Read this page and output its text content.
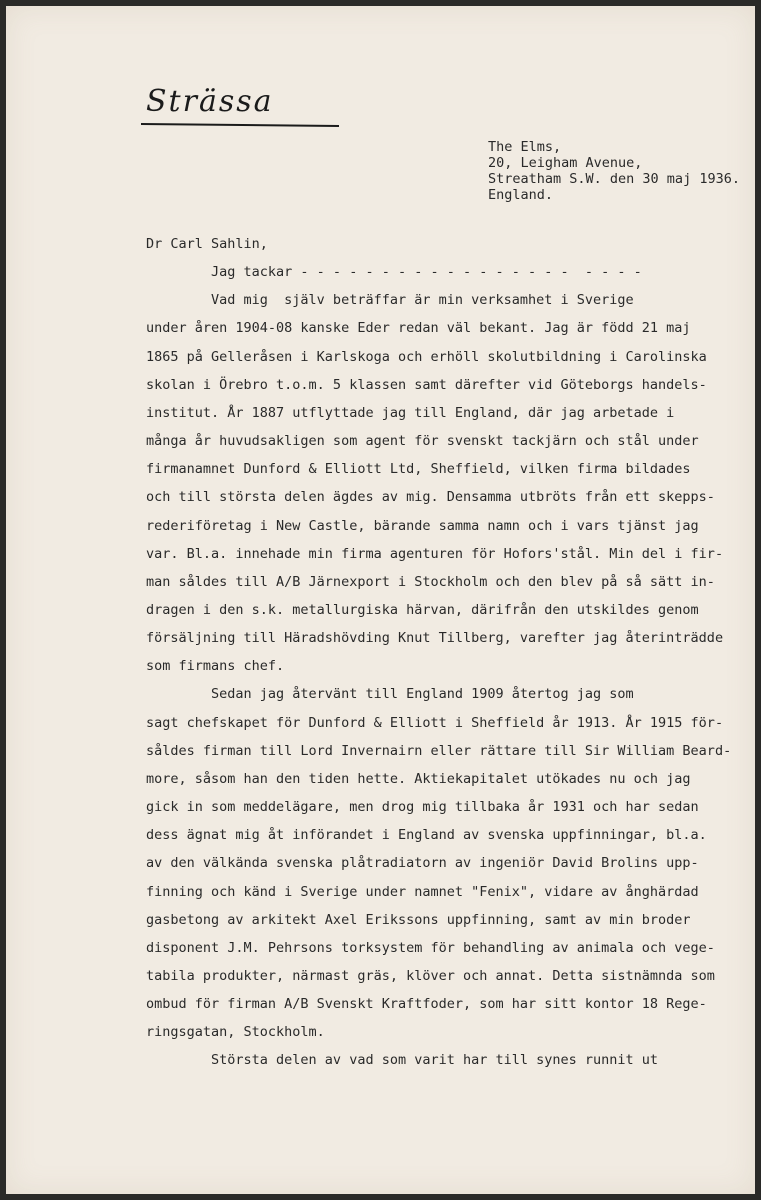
Strässa
The Elms,
20, Leigham Avenue,
Streatham S.W. den 30 maj 1936.
England.
Dr Carl Sahlin,
Jag tackar - - - - - - - - - - - - - - - - -  - - - -
Vad mig  själv beträffar är min verksamhet i Sverige
under åren 1904-08 kanske Eder redan väl bekant. Jag är född 21 maj
1865 på Gelleråsen i Karlskoga och erhöll skolutbildning i Carolinska
skolan i Örebro t.o.m. 5 klassen samt därefter vid Göteborgs handels-
institut. År 1887 utflyttade jag till England, där jag arbetade i
många år huvudsakligen som agent för svenskt tackjärn och stål under
firmanamnet Dunford & Elliott Ltd, Sheffield, vilken firma bildades
och till största delen ägdes av mig. Densamma utbröts från ett skepps-
rederiföretag i New Castle, bärande samma namn och i vars tjänst jag
var. Bl.a. innehade min firma agenturen för Hofors'stål. Min del i fir-
man såldes till A/B Järnexport i Stockholm och den blev på så sätt in-
dragen i den s.k. metallurgiska härvan, därifrån den utskildes genom
försäljning till Häradshövding Knut Tillberg, varefter jag återinträdde
som firmans chef.
Sedan jag återvänt till England 1909 återtog jag som
sagt chefskapet för Dunford & Elliott i Sheffield år 1913. År 1915 för-
såldes firman till Lord Invernairn eller rättare till Sir William Beard-
more, såsom han den tiden hette. Aktiekapitalet utökades nu och jag
gick in som meddelägare, men drog mig tillbaka år 1931 och har sedan
dess ägnat mig åt införandet i England av svenska uppfinningar, bl.a.
av den välkända svenska plåtradiatorn av ingeniör David Brolins upp-
finning och känd i Sverige under namnet "Fenix", vidare av ånghärdad
gasbetong av arkitekt Axel Erikssons uppfinning, samt av min broder
disponent J.M. Pehrsons torksystem för behandling av animala och vege-
tabila produkter, närmast gräs, klöver och annat. Detta sistnämnda som
ombud för firman A/B Svenskt Kraftfoder, som har sitt kontor 18 Rege-
ringsgatan, Stockholm.
Största delen av vad som varit har till synes runnit ut
